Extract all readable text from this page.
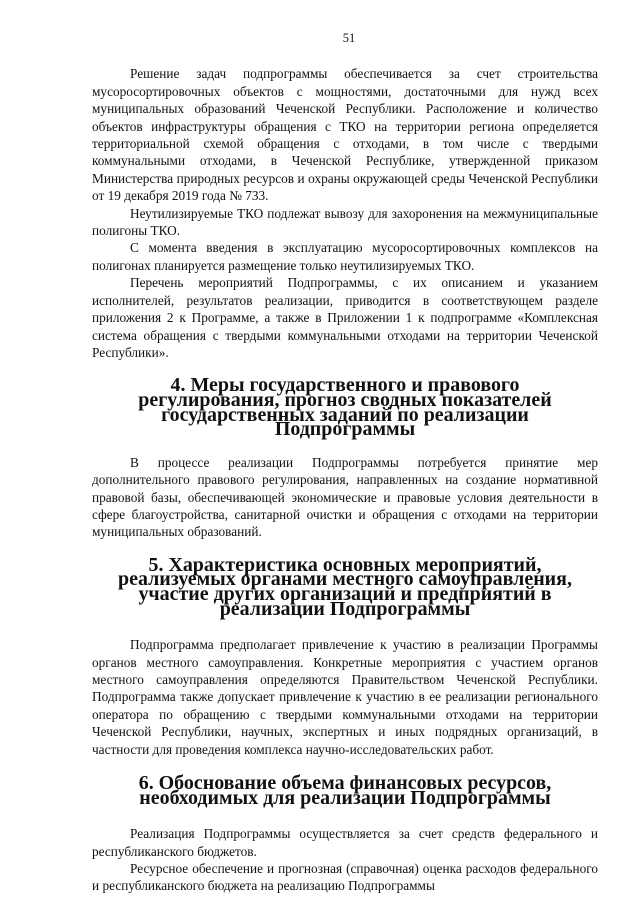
51

Решение задач подпрограммы обеспечивается за счет строительства мусоросортировочных объектов с мощностями, достаточными для нужд всех муниципальных образований Чеченской Республики. Расположение и количество объектов инфраструктуры обращения с ТКО на территории региона определяется территориальной схемой обращения с отходами, в том числе с твердыми коммунальными отходами, в Чеченской Республике, утвержденной приказом Министерства природных ресурсов и охраны окружающей среды Чеченской Республики от 19 декабря 2019 года № 733.

Неутилизируемые ТКО подлежат вывозу для захоронения на межмуниципальные полигоны ТКО.

С момента введения в эксплуатацию мусоросортировочных комплексов на полигонах планируется размещение только неутилизируемых ТКО.

Перечень мероприятий Подпрограммы, с их описанием и указанием исполнителей, результатов реализации, приводится в соответствующем разделе приложения 2 к Программе, а также в Приложении 1 к подпрограмме «Комплексная система обращения с твердыми коммунальными отходами на территории Чеченской Республики».

4. Меры государственного и правового регулирования, прогноз сводных показателей государственных заданий по реализации Подпрограммы

В процессе реализации Подпрограммы потребуется принятие мер дополнительного правового регулирования, направленных на создание нормативной правовой базы, обеспечивающей экономические и правовые условия деятельности в сфере благоустройства, санитарной очистки и обращения с отходами на территории муниципальных образований.

5. Характеристика основных мероприятий, реализуемых органами местного самоуправления, участие других организаций и предприятий в реализации Подпрограммы

Подпрограмма предполагает привлечение к участию в реализации Программы органов местного самоуправления. Конкретные мероприятия с участием органов местного самоуправления определяются Правительством Чеченской Республики. Подпрограмма также допускает привлечение к участию в ее реализации регионального оператора по обращению с твердыми коммунальными отходами на территории Чеченской Республики, научных, экспертных и иных подрядных организаций, в частности для проведения комплекса научно-исследовательских работ.

6. Обоснование объема финансовых ресурсов, необходимых для реализации Подпрограммы

Реализация Подпрограммы осуществляется за счет средств федерального и республиканского бюджетов.

Ресурсное обеспечение и прогнозная (справочная) оценка расходов федерального и республиканского бюджета на реализацию Подпрограммы
